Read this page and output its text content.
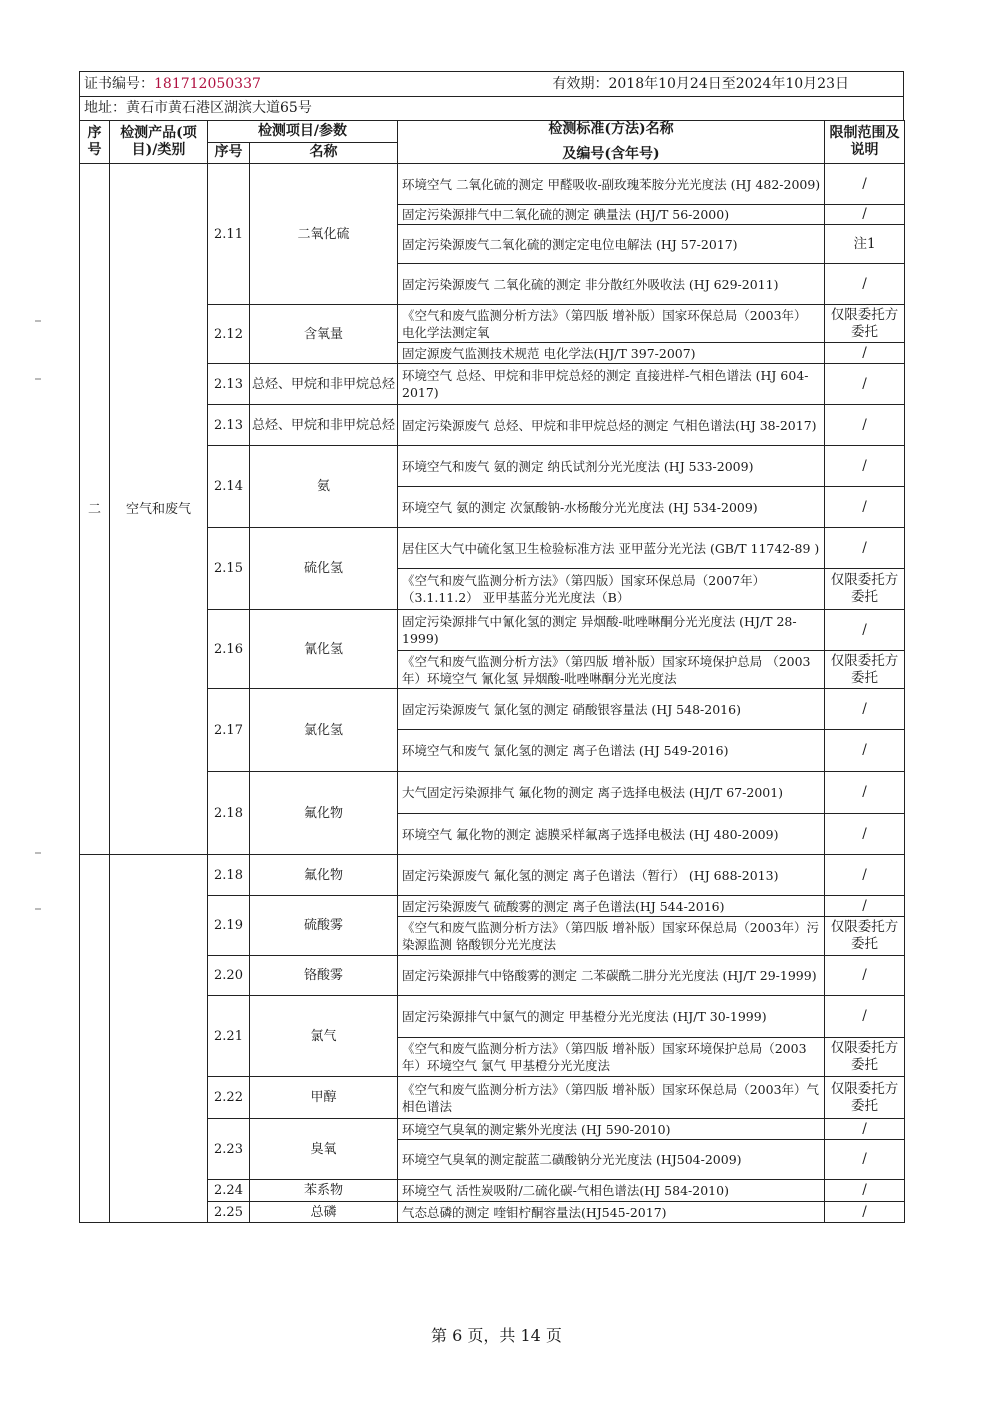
证书编号：181712050337	有效期：2018年10月24日至2024年10月23日
地址：黄石市黄石港区湖滨大道65号
序号	检测产品(项目)/类别	检测项目/参数		检测标准(方法)名称
及编号(含年号)	限制范围及说明
		序号	名称		
二	空气和废气	2.11	二氧化硫	环境空气 二氧化硫的测定 甲醛吸收-副玫瑰苯胺分光光度法 (HJ 482-2009)	/
				固定污染源排气中二氧化硫的测定 碘量法 (HJ/T 56-2000)	/
				固定污染源废气二氧化硫的测定定电位电解法 (HJ 57-2017)	注1
				固定污染源废气 二氧化硫的测定 非分散红外吸收法 (HJ 629-2011)	/
		2.12	含氧量	《空气和废气监测分析方法》（第四版 增补版）国家环保总局（2003年） 电化学法测定氧	仅限委托方委托
				固定源废气监测技术规范 电化学法(HJ/T 397-2007)	/
		2.13	总烃、甲烷和非甲烷总烃	环境空气 总烃、甲烷和非甲烷总烃的测定 直接进样-气相色谱法 (HJ 604-2017)	/
		2.13	总烃、甲烷和非甲烷总烃	固定污染源废气 总烃、甲烷和非甲烷总烃的测定 气相色谱法(HJ 38-2017)	/
		2.14	氨	环境空气和废气 氨的测定 纳氏试剂分光光度法 (HJ 533-2009)	/
				环境空气 氨的测定 次氯酸钠-水杨酸分光光度法 (HJ 534-2009)	/
		2.15	硫化氢	居住区大气中硫化氢卫生检验标准方法 亚甲蓝分光光法 (GB/T 11742-89 )	/
				《空气和废气监测分析方法》（第四版）国家环保总局（2007年）（3.1.11.2） 亚甲基蓝分光光度法（B）	仅限委托方委托
		2.16	氰化氢	固定污染源排气中氰化氢的测定 异烟酸-吡唑啉酮分光光度法 (HJ/T 28-1999)	/
				《空气和废气监测分析方法》（第四版 增补版）国家环境保护总局 （2003年）环境空气 氰化氢 异烟酸-吡唑啉酮分光光度法	仅限委托方委托
		2.17	氯化氢	固定污染源废气 氯化氢的测定 硝酸银容量法 (HJ 548-2016)	/
				环境空气和废气 氯化氢的测定 离子色谱法 (HJ 549-2016)	/
		2.18	氟化物	大气固定污染源排气 氟化物的测定 离子选择电极法 (HJ/T 67-2001)	/
				环境空气 氟化物的测定 滤膜采样氟离子选择电极法 (HJ 480-2009)	/
		2.18	氟化物	固定污染源废气 氟化氢的测定 离子色谱法（暂行） (HJ 688-2013)	/
		2.19	硫酸雾	固定污染源废气 硫酸雾的测定 离子色谱法(HJ 544-2016)	/
				《空气和废气监测分析方法》（第四版 增补版）国家环保总局（2003年）污染源监测 铬酸钡分光光度法	仅限委托方委托
		2.20	铬酸雾	固定污染源排气中铬酸雾的测定 二苯碳酰二肼分光光度法 (HJ/T 29-1999)	/
		2.21	氯气	固定污染源排气中氯气的测定 甲基橙分光光度法 (HJ/T 30-1999)	/
				《空气和废气监测分析方法》（第四版 增补版）国家环境保护总局（2003年）环境空气 氯气 甲基橙分光光度法	仅限委托方委托
		2.22	甲醇	《空气和废气监测分析方法》（第四版 增补版）国家环保总局（2003年）气相色谱法	仅限委托方委托
		2.23	臭氧	环境空气臭氧的测定紫外光度法 (HJ 590-2010)	/
				环境空气臭氧的测定靛蓝二磺酸钠分光光度法 (HJ504-2009)	/
		2.24	苯系物	环境空气 活性炭吸附/二硫化碳-气相色谱法(HJ 584-2010)	/
		2.25	总磷	气态总磷的测定 喹钼柠酮容量法(HJ545-2017)	/
第 6 页，共 14 页
